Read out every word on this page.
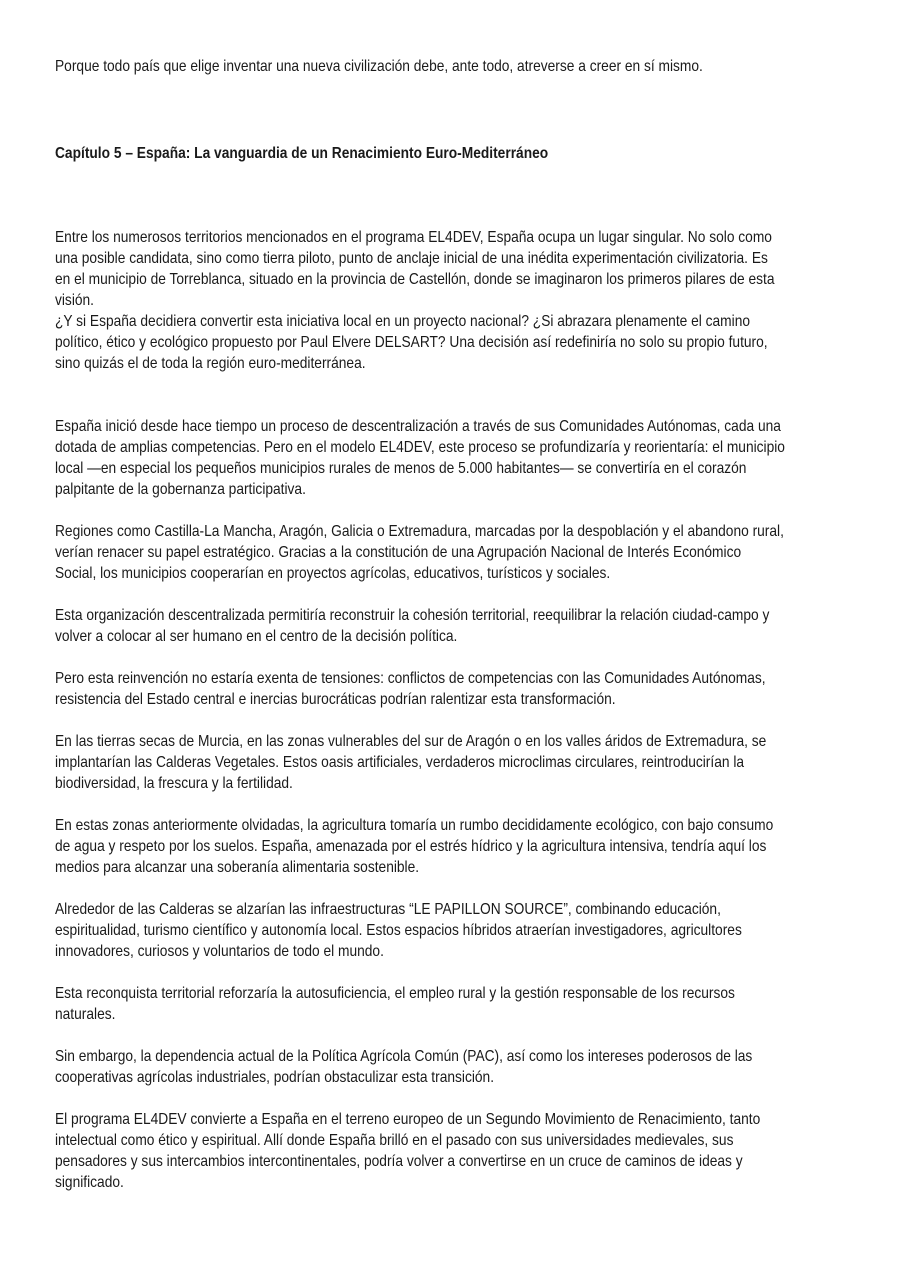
Porque todo país que elige inventar una nueva civilización debe, ante todo, atreverse a creer en sí mismo.
Capítulo 5 – España: La vanguardia de un Renacimiento Euro-Mediterráneo
Entre los numerosos territorios mencionados en el programa EL4DEV, España ocupa un lugar singular. No solo como
una posible candidata, sino como tierra piloto, punto de anclaje inicial de una inédita experimentación civilizatoria. Es
en el municipio de Torreblanca, situado en la provincia de Castellón, donde se imaginaron los primeros pilares de esta
visión.
¿Y si España decidiera convertir esta iniciativa local en un proyecto nacional? ¿Si abrazara plenamente el camino
político, ético y ecológico propuesto por Paul Elvere DELSART? Una decisión así redefiniría no solo su propio futuro,
sino quizás el de toda la región euro-mediterránea.
España inició desde hace tiempo un proceso de descentralización a través de sus Comunidades Autónomas, cada una
dotada de amplias competencias. Pero en el modelo EL4DEV, este proceso se profundizaría y reorientaría: el municipio
local —en especial los pequeños municipios rurales de menos de 5.000 habitantes— se convertiría en el corazón
palpitante de la gobernanza participativa.
Regiones como Castilla-La Mancha, Aragón, Galicia o Extremadura, marcadas por la despoblación y el abandono rural,
verían renacer su papel estratégico. Gracias a la constitución de una Agrupación Nacional de Interés Económico
Social, los municipios cooperarían en proyectos agrícolas, educativos, turísticos y sociales.
Esta organización descentralizada permitiría reconstruir la cohesión territorial, reequilibrar la relación ciudad-campo y
volver a colocar al ser humano en el centro de la decisión política.
Pero esta reinvención no estaría exenta de tensiones: conflictos de competencias con las Comunidades Autónomas,
resistencia del Estado central e inercias burocráticas podrían ralentizar esta transformación.
En las tierras secas de Murcia, en las zonas vulnerables del sur de Aragón o en los valles áridos de Extremadura, se
implantarían las Calderas Vegetales. Estos oasis artificiales, verdaderos microclimas circulares, reintroducirían la
biodiversidad, la frescura y la fertilidad.
En estas zonas anteriormente olvidadas, la agricultura tomaría un rumbo decididamente ecológico, con bajo consumo
de agua y respeto por los suelos. España, amenazada por el estrés hídrico y la agricultura intensiva, tendría aquí los
medios para alcanzar una soberanía alimentaria sostenible.
Alrededor de las Calderas se alzarían las infraestructuras “LE PAPILLON SOURCE”, combinando educación,
espiritualidad, turismo científico y autonomía local. Estos espacios híbridos atraerían investigadores, agricultores
innovadores, curiosos y voluntarios de todo el mundo.
Esta reconquista territorial reforzaría la autosuficiencia, el empleo rural y la gestión responsable de los recursos
naturales.
Sin embargo, la dependencia actual de la Política Agrícola Común (PAC), así como los intereses poderosos de las
cooperativas agrícolas industriales, podrían obstaculizar esta transición.
El programa EL4DEV convierte a España en el terreno europeo de un Segundo Movimiento de Renacimiento, tanto
intelectual como ético y espiritual. Allí donde España brilló en el pasado con sus universidades medievales, sus
pensadores y sus intercambios intercontinentales, podría volver a convertirse en un cruce de caminos de ideas y
significado.
